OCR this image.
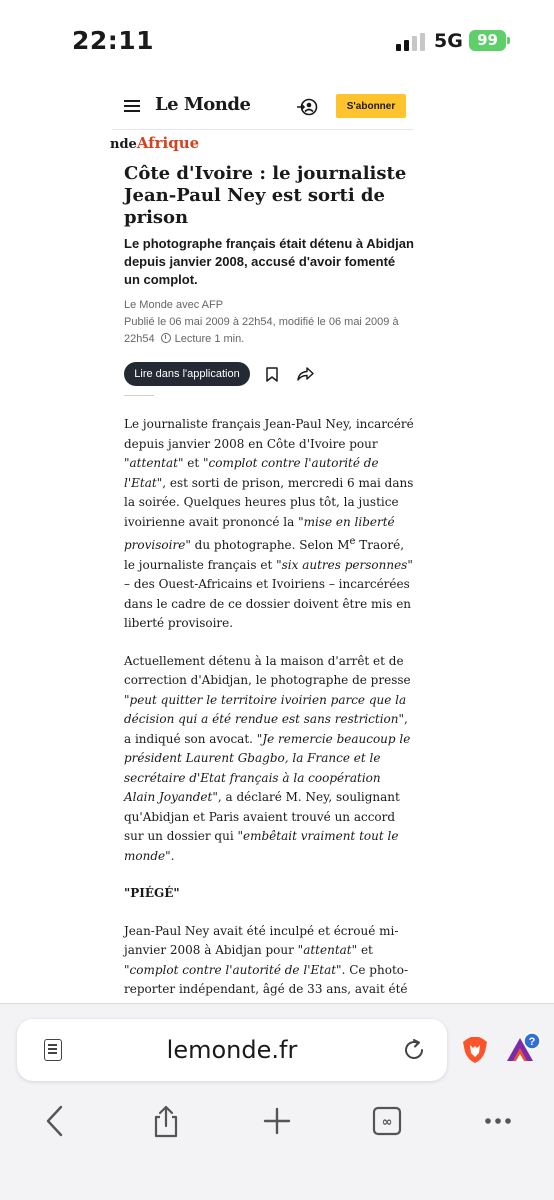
22:11	5G 99
Le Monde	S'abonner
ndeAfrique
Côte d'Ivoire : le journaliste Jean-Paul Ney est sorti de prison

Le photographe français était détenu à Abidjan depuis janvier 2008, accusé d'avoir fomenté un complot.

Le Monde avec AFP
Publié le 06 mai 2009 à 22h54, modifié le 06 mai 2009 à 22h54 Lecture 1 min.
Lire dans l'application

Le journaliste français Jean-Paul Ney, incarcéré depuis janvier 2008 en Côte d'Ivoire pour "attentat" et "complot contre l'autorité de l'Etat", est sorti de prison, mercredi 6 mai dans la soirée. Quelques heures plus tôt, la justice ivoirienne avait prononcé la "mise en liberté provisoire" du photographe. Selon Me Traoré, le journaliste français et "six autres personnes" – des Ouest-Africains et Ivoiriens – incarcérées dans le cadre de ce dossier doivent être mis en liberté provisoire.

Actuellement détenu à la maison d'arrêt et de correction d'Abidjan, le photographe de presse "peut quitter le territoire ivoirien parce que la décision qui a été rendue est sans restriction", a indiqué son avocat. "Je remercie beaucoup le président Laurent Gbagbo, la France et le secrétaire d'Etat français à la coopération Alain Joyandet", a déclaré M. Ney, soulignant qu'Abidjan et Paris avaient trouvé un accord sur un dossier qui "embêtait vraiment tout le monde".

"PIÉGÉ"

Jean-Paul Ney avait été inculpé et écroué mi-janvier 2008 à Abidjan pour "attentat" et "complot contre l'autorité de l'Etat". Ce photo-reporter indépendant, âgé de 33 ans, avait été

lemonde.fr	?
∞
